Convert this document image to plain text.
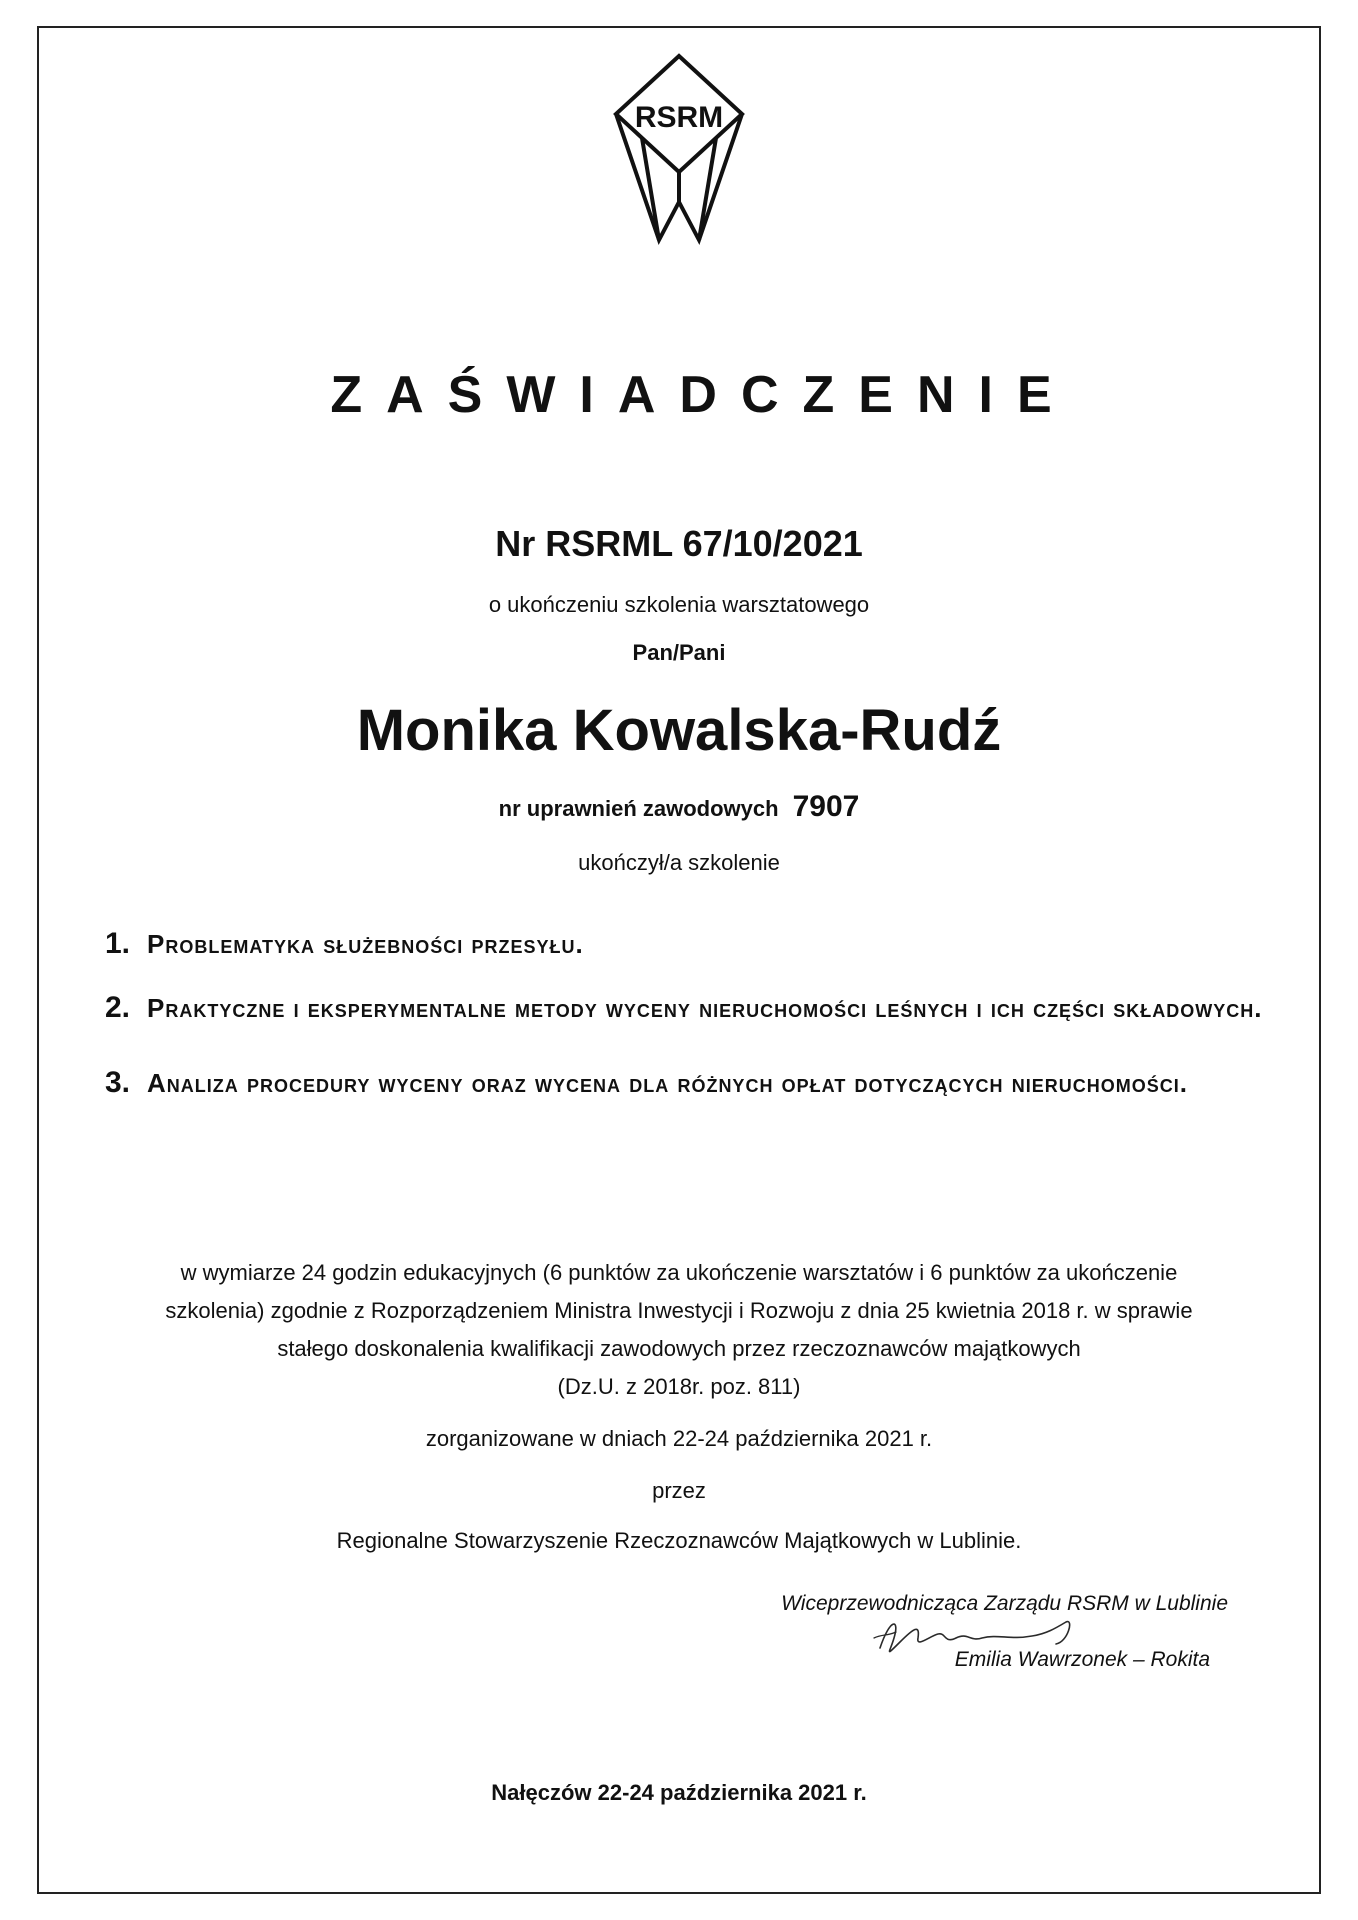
RSRM
ZAŚWIADCZENIE
Nr RSRML 67/10/2021
o ukończeniu szkolenia warsztatowego
Pan/Pani
Monika Kowalska-Rudź
nr uprawnień zawodowych 7907
ukończył/a szkolenie
1. Problematyka służebności przesyłu.
2. Praktyczne i eksperymentalne metody wyceny nieruchomości leśnych i ich części składowych.
3. Analiza procedury wyceny oraz wycena dla różnych opłat dotyczących nieruchomości.
w wymiarze 24 godzin edukacyjnych (6 punktów za ukończenie warsztatów i 6 punktów za ukończenie
szkolenia) zgodnie z Rozporządzeniem Ministra Inwestycji i Rozwoju z dnia 25 kwietnia 2018 r. w sprawie
stałego doskonalenia kwalifikacji zawodowych przez rzeczoznawców majątkowych
(Dz.U. z 2018r. poz. 811)
zorganizowane w dniach 22-24 października 2021 r.
przez
Regionalne Stowarzyszenie Rzeczoznawców Majątkowych w Lublinie.
Wiceprzewodnicząca Zarządu RSRM w Lublinie
Emilia Wawrzonek – Rokita
Nałęczów 22-24 października 2021 r.
